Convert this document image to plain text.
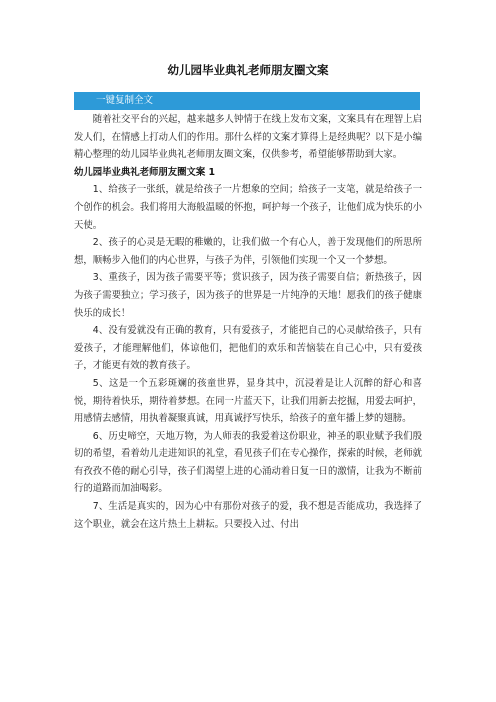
幼儿园毕业典礼老师朋友圈文案
一键复制全文

随着社交平台的兴起，越来越多人钟情于在线上发布文案，文案具有在理智上启发人们，在情感上打动人们的作用。那什么样的文案才算得上是经典呢？以下是小编精心整理的幼儿园毕业典礼老师朋友圈文案，仅供参考，希望能够帮助到大家。

幼儿园毕业典礼老师朋友圈文案 1

1、给孩子一张纸，就是给孩子一片想象的空间；给孩子一支笔，就是给孩子一个创作的机会。我们将用大海般温暖的怀抱，呵护每一个孩子，让他们成为快乐的小天使。

2、孩子的心灵是无暇的稚嫩的，让我们做一个有心人，善于发现他们的所思所想，顺畅步入他们的内心世界，与孩子为伴，引领他们实现一个又一个梦想。

3、重孩子，因为孩子需要平等；赏识孩子，因为孩子需要自信；新热孩子，因为孩子需要独立；学习孩子，因为孩子的世界是一片纯净的天地！愿我们的孩子健康快乐的成长！

4、没有爱就没有正确的教育，只有爱孩子，才能把自己的心灵献给孩子，只有爱孩子，才能理解他们，体谅他们，把他们的欢乐和苦恼装在自己心中，只有爱孩子，才能更有效的教育孩子。

5、这是一个五彩斑斓的孩童世界，显身其中，沉浸着是让人沉醉的舒心和喜悦，期待着快乐，期待着梦想。在同一片蓝天下，让我们用新去挖掘，用爱去呵护，用感情去感情，用执着凝聚真诚，用真诚抒写快乐，给孩子的童年播上梦的翅膀。

6、历史啼空，天地万物，为人师表的我爱着这份职业，神圣的职业赋予我们殷切的希望，看着幼儿走进知识的礼堂，看见孩子们在专心操作，探索的时候，老师就有孜孜不倦的耐心引导，孩子们渴望上进的心涌动着日复一日的激情，让我为不断前行的道路而加油喝彩。

7、生活是真实的，因为心中有那份对孩子的爱，我不想是否能成功，我选择了这个职业，就会在这片热土上耕耘。只要投入过、付出
